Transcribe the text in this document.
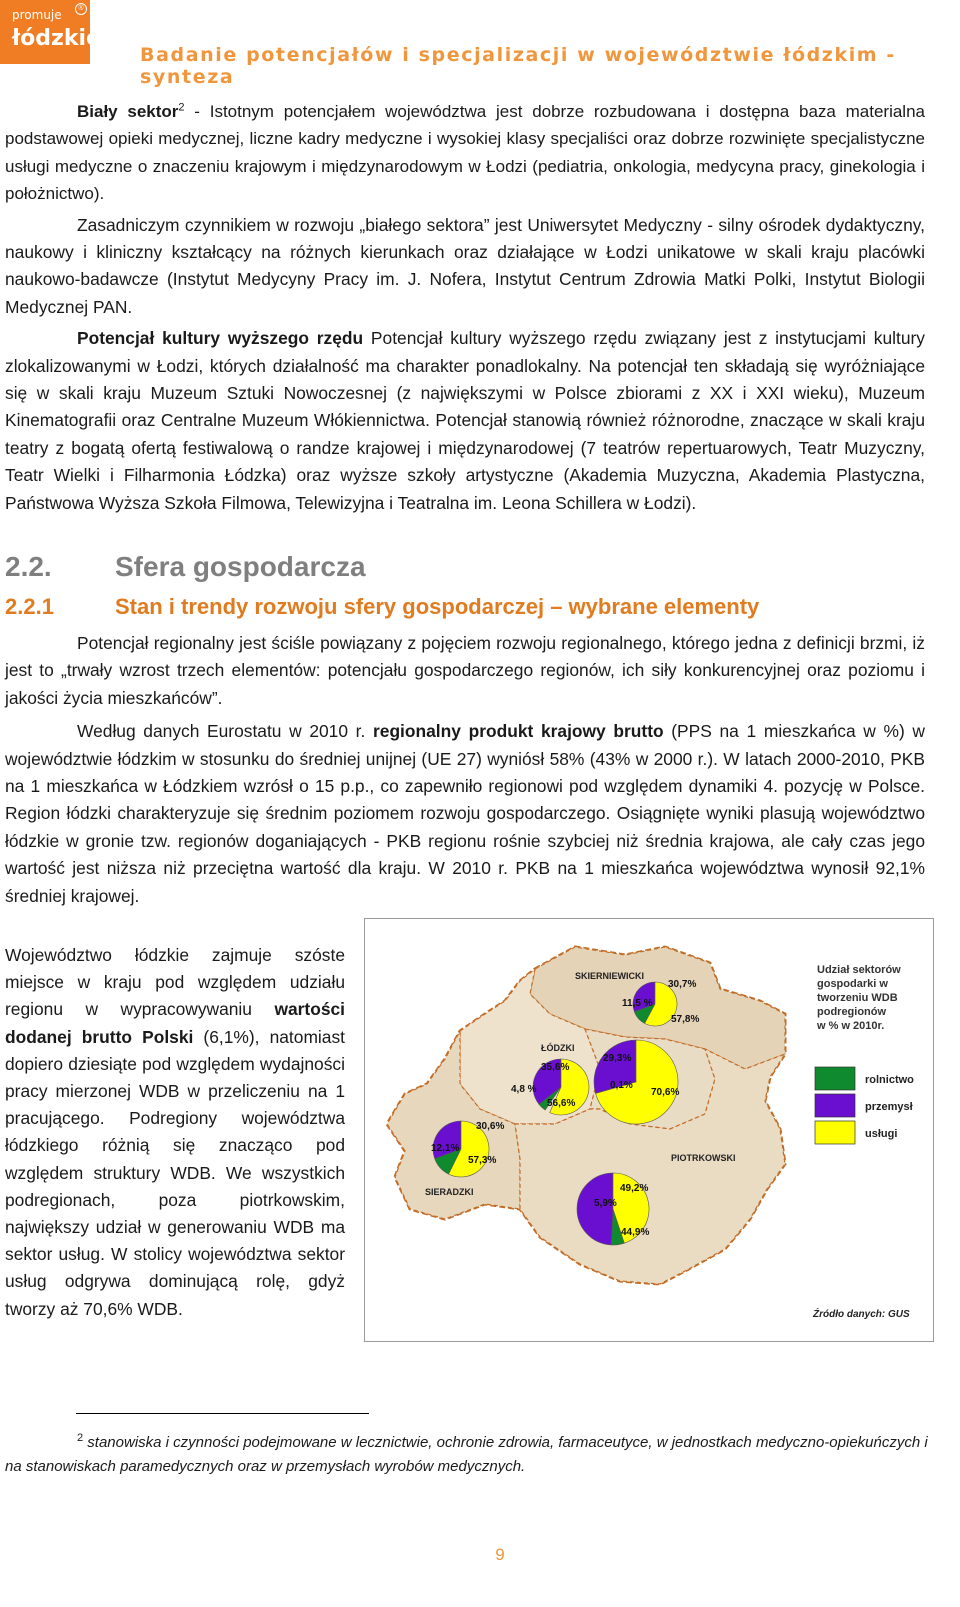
promuje
łódzkie
®
Badanie potencjałów i specjalizacji w województwie łódzkim - synteza

Biały sektor$^2$ - Istotnym potencjałem województwa jest dobrze rozbudowana i dostępna baza materialna podstawowej opieki medycznej, liczne kadry medyczne i wysokiej klasy specjaliści oraz dobrze rozwinięte specjalistyczne usługi medyczne o znaczeniu krajowym i międzynarodowym w Łodzi (pediatria, onkologia, medycyna pracy, ginekologia i położnictwo).

Zasadniczym czynnikiem w rozwoju „białego sektora” jest Uniwersytet Medyczny - silny ośrodek dydaktyczny, naukowy i kliniczny kształcący na różnych kierunkach oraz działające w Łodzi unikatowe w skali kraju placówki naukowo-badawcze (Instytut Medycyny Pracy im. J. Nofera, Instytut Centrum Zdrowia Matki Polki, Instytut Biologii Medycznej PAN.

Potencjał kultury wyższego rzędu Potencjał kultury wyższego rzędu związany jest z instytucjami kultury zlokalizowanymi w Łodzi, których działalność ma charakter ponadlokalny. Na potencjał ten składają się wyróżniające się w skali kraju Muzeum Sztuki Nowoczesnej (z największymi w Polsce zbiorami z XX i XXI wieku), Muzeum Kinematografii oraz Centralne Muzeum Włókiennictwa. Potencjał stanowią również różnorodne, znaczące w skali kraju teatry z bogatą ofertą festiwalową o randze krajowej i międzynarodowej (7 teatrów repertuarowych, Teatr Muzyczny, Teatr Wielki i Filharmonia Łódzka) oraz wyższe szkoły artystyczne (Akademia Muzyczna, Akademia Plastyczna, Państwowa Wyższa Szkoła Filmowa, Telewizyjna i Teatralna im. Leona Schillera w Łodzi).

2.2. Sfera gospodarcza
2.2.1	Stan i trendy rozwoju sfery gospodarczej – wybrane elementy

Potencjał regionalny jest ściśle powiązany z pojęciem rozwoju regionalnego, którego jedna z definicji brzmi, iż jest to „trwały wzrost trzech elementów: potencjału gospodarczego regionów, ich siły konkurencyjnej oraz poziomu i jakości życia mieszkańców”.

Według danych Eurostatu w 2010 r. regionalny produkt krajowy brutto (PPS na 1 mieszkańca w %) w województwie łódzkim w stosunku do średniej unijnej (UE 27) wyniósł 58% (43% w 2000 r.). W latach 2000-2010, PKB na 1 mieszkańca w Łódzkiem wzrósł o 15 p.p., co zapewniło regionowi pod względem dynamiki 4. pozycję w Polsce. Region łódzki charakteryzuje się średnim poziomem rozwoju gospodarczego. Osiągnięte wyniki plasują województwo łódzkie w gronie tzw. regionów doganiających - PKB regionu rośnie szybciej niż średnia krajowa, ale cały czas jego wartość jest niższa niż przeciętna wartość dla kraju. W 2010 r. PKB na 1 mieszkańca województwa wynosił 92,1% średniej krajowej.

Województwo łódzkie zajmuje szóste miejsce w kraju pod względem udziału regionu w wypracowywaniu wartości dodanej brutto Polski (6,1%), natomiast dopiero dziesiąte pod względem wydajności pracy mierzonej WDB w przeliczeniu na 1 pracującego. Podregiony województwa łódzkiego różnią się znacząco pod względem struktury WDB. We wszystkich podregionach, poza piotrkowskim, największy udział w generowaniu WDB ma sektor usług. W stolicy województwa sektor usług odgrywa dominującą rolę, gdyż tworzy aż 70,6% WDB.

SKIERNIEWICKI
ŁÓDZKI
SIERADZKI
PIOTRKOWSKI
11,5 %
30,7%
57,8%
4,8 %
35,6%
56,6%
0,1%
29,3%
70,6%
12,1%
30,6%
57,3%
5,9%
49,2%
44,9%
Udział sektorów gospodarki w tworzeniu WDB podregionów w % w 2010r.
rolnictwo
przemysł
usługi
Źródło danych: GUS
$^2$ stanowiska i czynności podejmowane w lecznictwie, ochronie zdrowia, farmaceutyce, w jednostkach medyczno-opiekuńczych i na stanowiskach paramedycznych oraz w przemysłach wyrobów medycznych.
9
